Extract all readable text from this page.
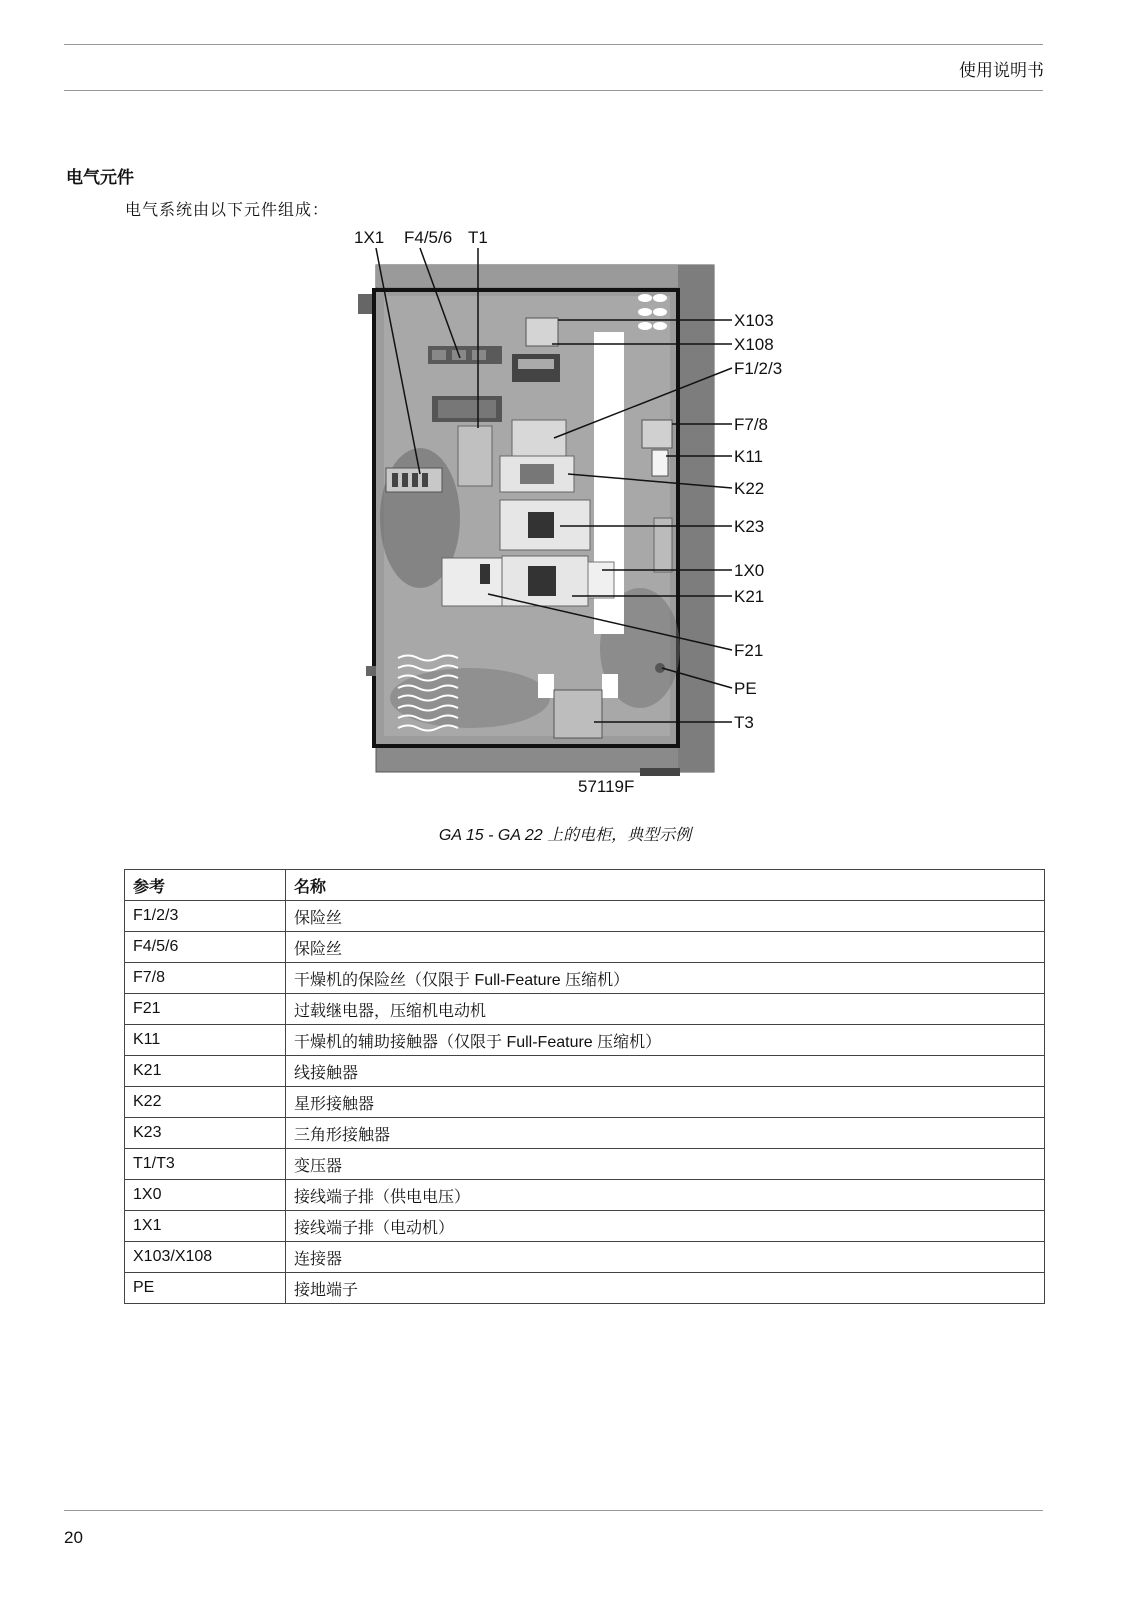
使用说明书
电气元件
电气系统由以下元件组成：
1X1 F4/5/6 T1
X103
X108
F1/2/3
F7/8
K11
K22
K23
1X0
K21
F21
PE
T3
57119F
GA 15 - GA 22 上的电柜，典型示例
参考	名称
F1/2/3	保险丝
F4/5/6	保险丝
F7/8	干燥机的保险丝（仅限于 Full-Feature 压缩机）
F21	过载继电器，压缩机电动机
K11	干燥机的辅助接触器（仅限于 Full-Feature 压缩机）
K21	线接触器
K22	星形接触器
K23	三角形接触器
T1/T3	变压器
1X0	接线端子排（供电电压）
1X1	接线端子排（电动机）
X103/X108	连接器
PE	接地端子
20
